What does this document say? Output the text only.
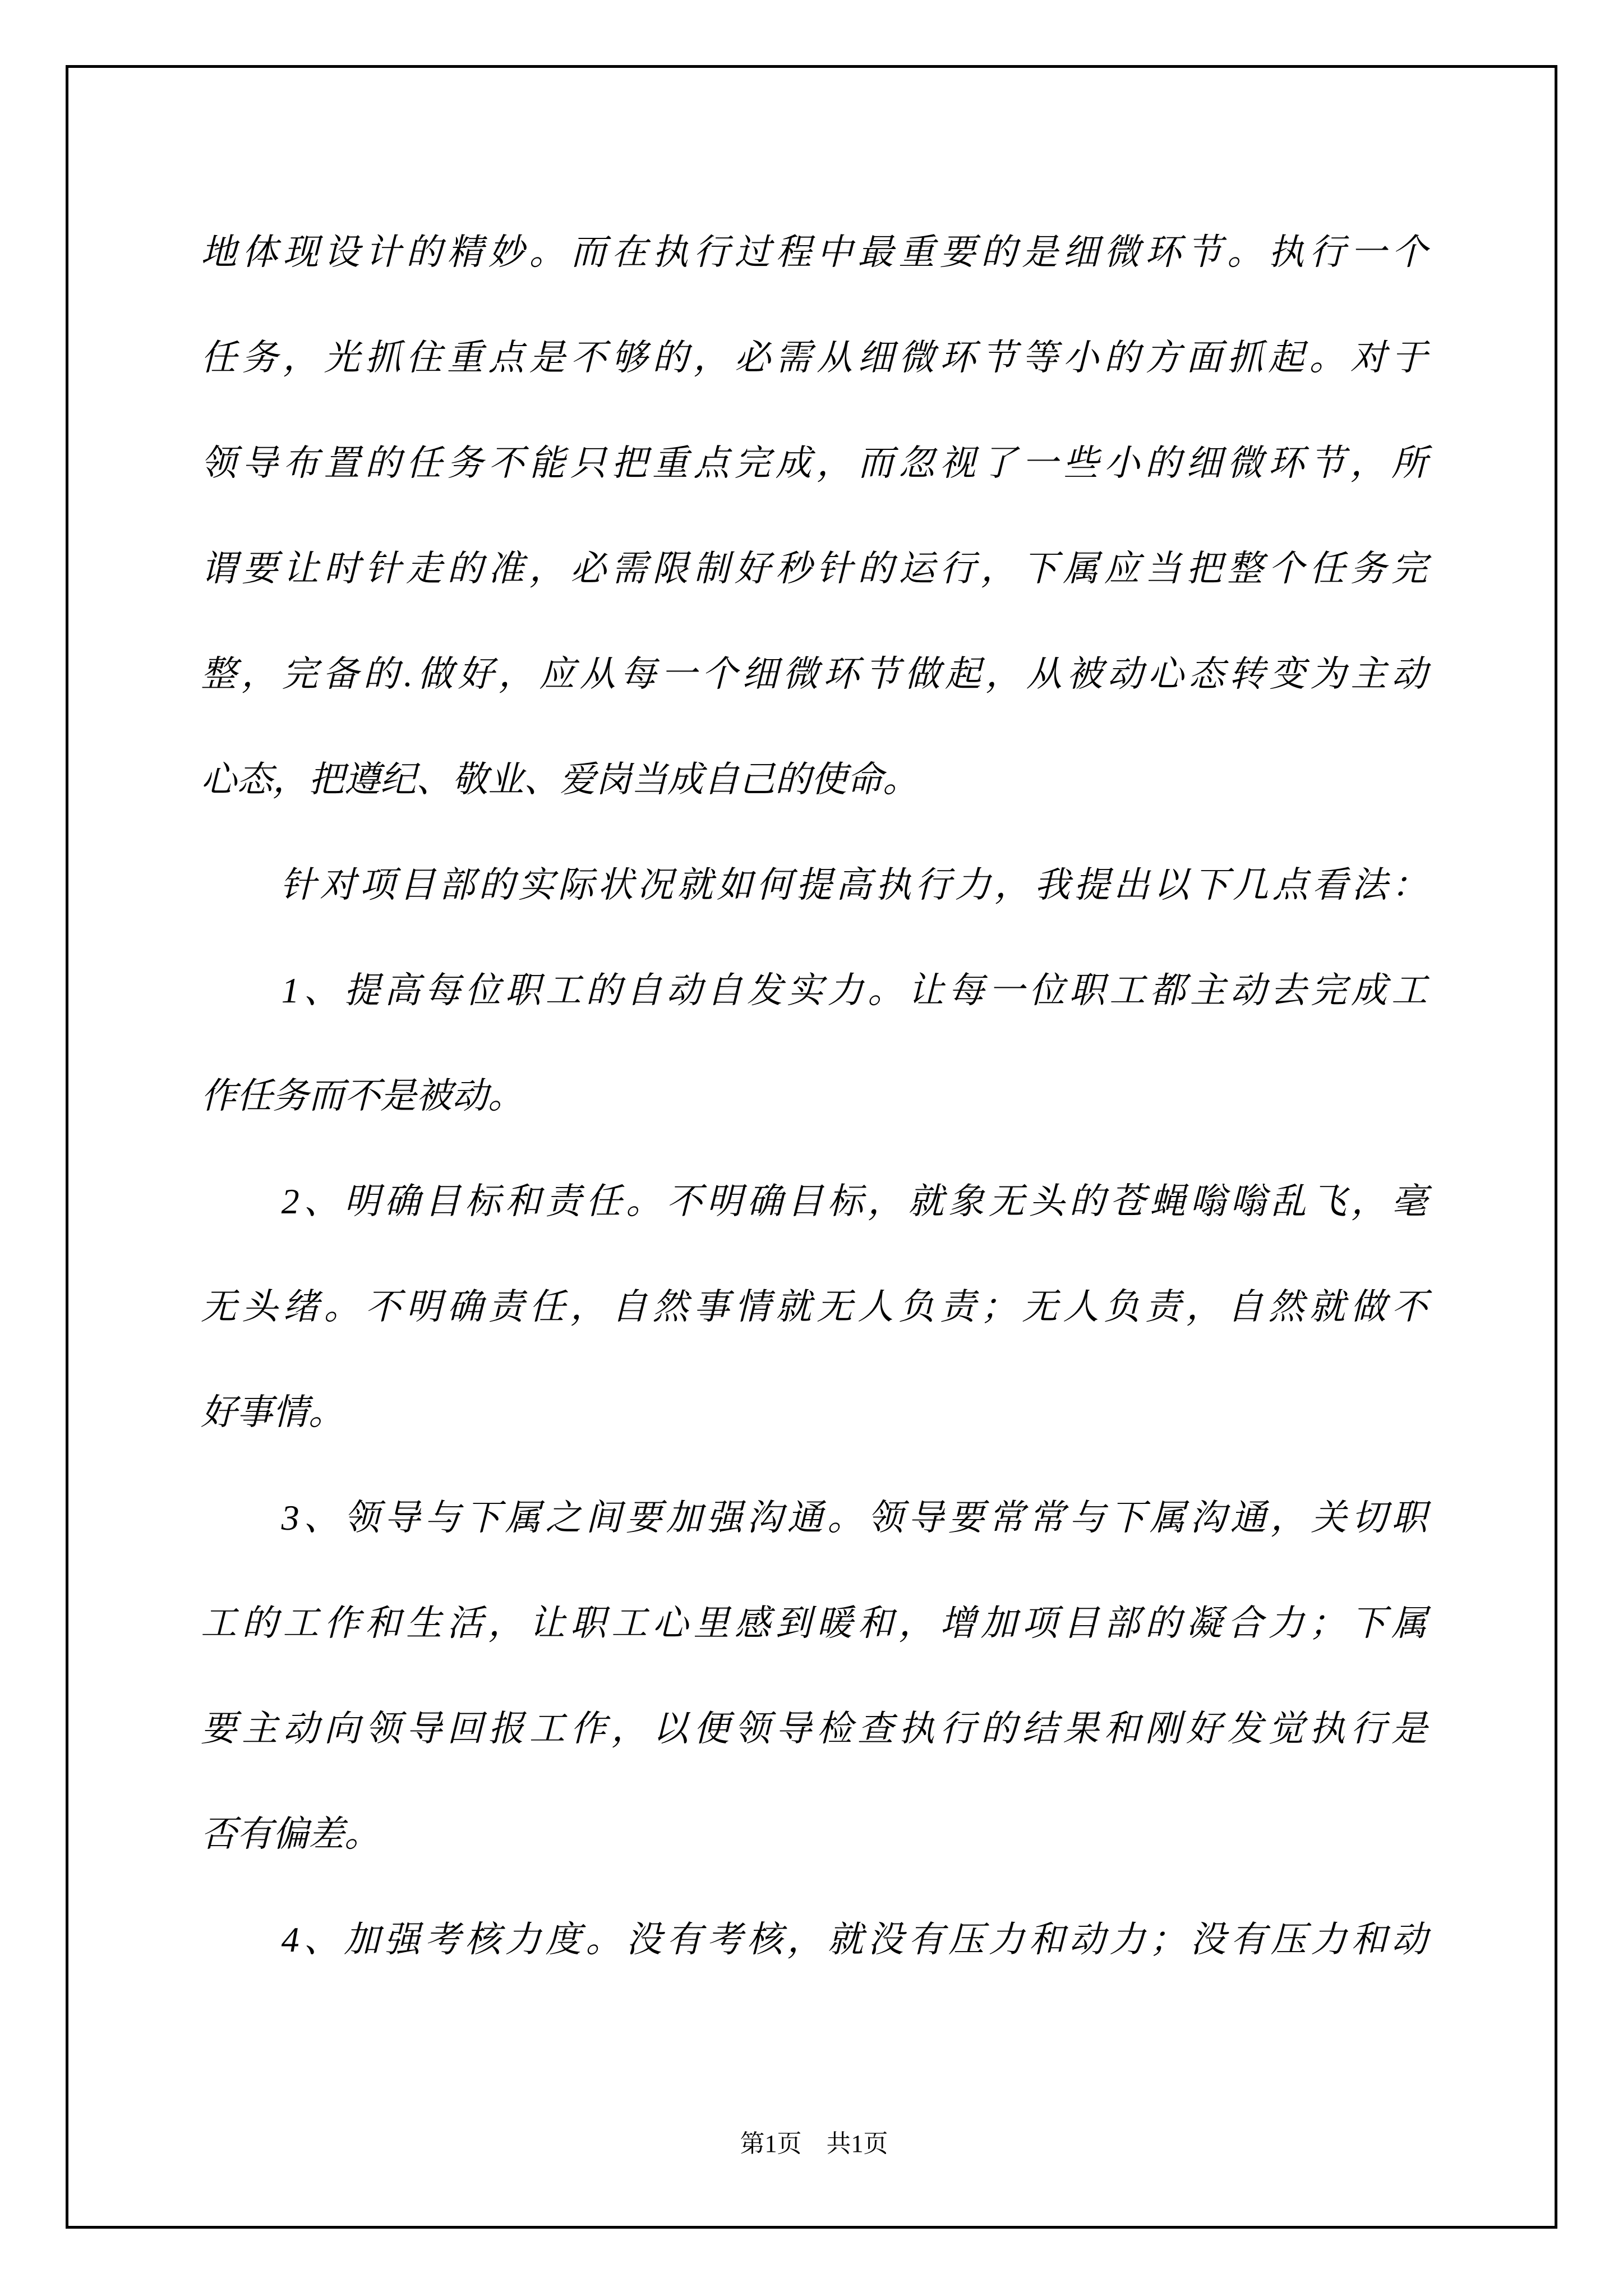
地体现设计的精妙。而在执行过程中最重要的是细微环节。执行一个
任务，光抓住重点是不够的，必需从细微环节等小的方面抓起。对于
领导布置的任务不能只把重点完成，而忽视了一些小的细微环节，所
谓要让时针走的准，必需限制好秒针的运行，下属应当把整个任务完
整，完备的.做好，应从每一个细微环节做起，从被动心态转变为主动
心态，把遵纪、敬业、爱岗当成自己的使命。
　　针对项目部的实际状况就如何提高执行力，我提出以下几点看法：
　　1、提高每位职工的自动自发实力。让每一位职工都主动去完成工
作任务而不是被动。
　　2、明确目标和责任。不明确目标，就象无头的苍蝇嗡嗡乱飞，毫
无头绪。不明确责任，自然事情就无人负责；无人负责，自然就做不
好事情。
　　3、领导与下属之间要加强沟通。领导要常常与下属沟通，关切职
工的工作和生活，让职工心里感到暖和，增加项目部的凝合力；下属
要主动向领导回报工作，以便领导检查执行的结果和刚好发觉执行是
否有偏差。
　　4、加强考核力度。没有考核，就没有压力和动力；没有压力和动
第1页　共1页
